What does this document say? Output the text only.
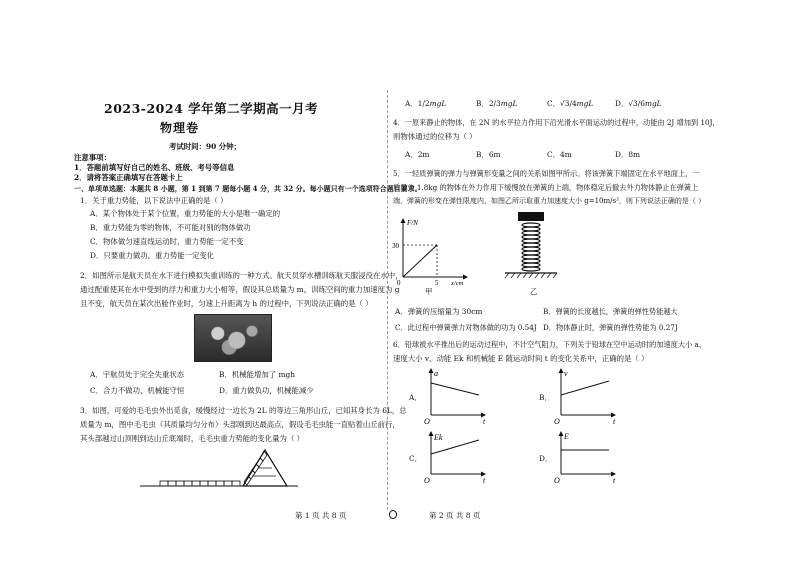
2023-2024 学年第二学期高一月考
物理卷
考试时间：90 分钟；
注意事项：
1．答题前填写好自己的姓名、班级、考号等信息
2．请将答案正确填写在答题卡上
一、单项单选题：本题共 8 小题，第 1 到第 7 题每小题 4 分，共 32 分。每小题只有一个选项符合题目要求。
1．关于重力势能，以下说法中正确的是（ ）
A．某个物体处于某个位置，重力势能的大小是唯一确定的
B．重力势能为零的物体，不可能对别的物体做功
C．物体做匀速直线运动时，重力势能一定不变
D．只要重力做功，重力势能一定变化
2．如图所示是航天员在水下进行模拟失重训练的一种方式。航天员穿水槽训练航天服浸没在水中，
通过配重使其在水中受到的浮力和重力大小相等，假设其总质量为 m，训练空间的重力加速度为 g
且不变，航天员在某次出舱作业时，匀速上升距离为 h 的过程中，下列说法正确的是（ ）
A．宇航员处于完全失重状态	B．机械能增加了 mgh
C．合力不做功，机械能守恒	D．重力做负功，机械能减少
3．如图，可爱的毛毛虫外出觅食，缓慢经过一边长为 2L 的等边三角形山丘，已知其身长为 6L，总
质量为 m，图中毛毛虫（其质量均匀分布）头部刚到达最高点，假设毛毛虫能一直贴着山丘前行，
其头部越过山顶刚到达山丘底端时，毛毛虫重力势能的变化量为（ ）
第 1 页 共 8 页
A．1/2mgL	B．2/3mgL	C．√3/4mgL	D．√3/6mgL
4．一原来静止的物体，在 2N 的水平拉力作用下沿光滑水平面运动的过程中，动能由 2J 增加到 10J，
则物体通过的位移为（ ）
A．2m	B．6m	C．4m	D．8m
5．一轻质弹簧的弹力与弹簧形变量之间的关系如图甲所示。将该弹簧下端固定在水平地面上，一
质量为 1.8kg 的物体在外力作用下缓慢放在弹簧的上端，物体稳定后撤去外力物体静止在弹簧上
端，弹簧的形变在弹性限度内，如图乙所示取重力加速度大小 g=10m/s²，则下列说法正确的是（ ）
F/N
30
0	5 x/cm
甲	乙
A．弹簧的压缩量为 30cm	B．弹簧的长度越长，弹簧的弹性势能越大
C．此过程中弹簧弹力对物体做的功为 0.54J D．物体静止时，弹簧的弹性势能为 0.27J
6．铅球被水平推出后的运动过程中，不计空气阻力，下列关于铅球在空中运动时的加速度大小 a、
速度大小 v、动能 Ek 和机械能 E 随运动时间 t 的变化关系中，正确的是（ ）
A．
a
O	t
B．
v
O	t
C．
Ek
O	t
D．
E
O	t
第 2 页 共 8 页
